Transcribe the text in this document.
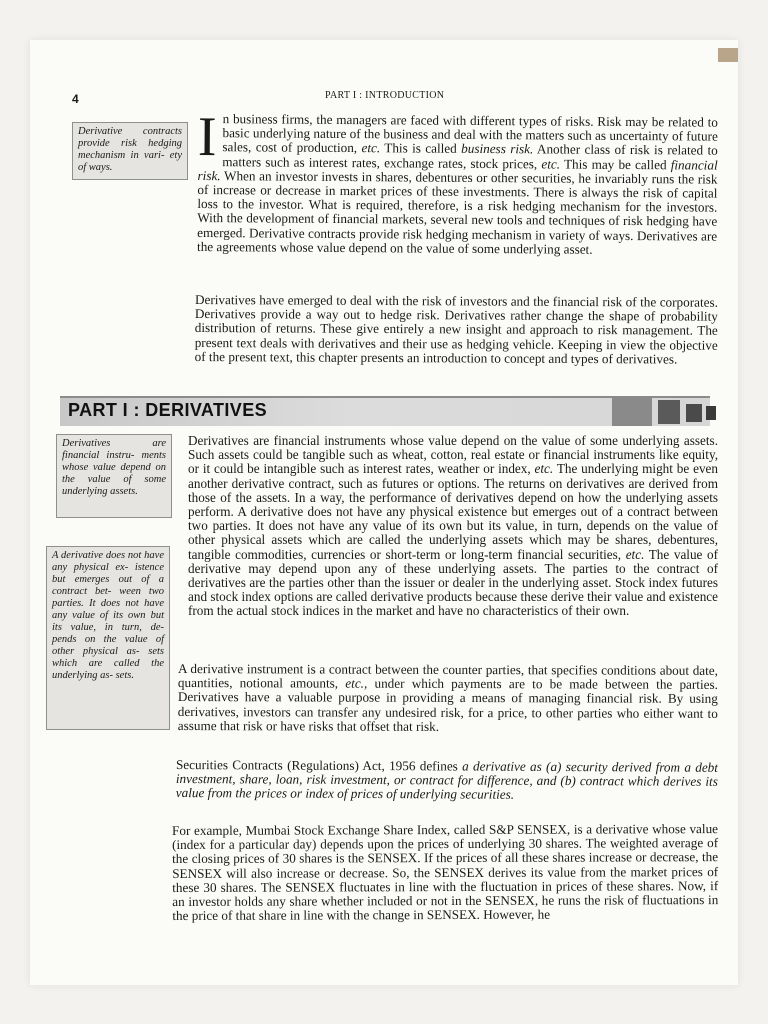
4	PART I : INTRODUCTION
Derivative contracts provide risk hedging mechanism in vari- ety of ways.	In business firms, the managers are faced with different types of risks. Risk may be related to basic underlying nature of the business and deal with the matters such as uncertainty of future sales, cost of production, etc. This is called business risk. Another class of risk is related to matters such as interest rates, exchange rates, stock prices, etc. This may be called financial risk. When an investor invests in shares, debentures or other securities, he invariably runs the risk of increase or decrease in market prices of these investments. There is always the risk of capital loss to the investor. What is required, therefore, is a risk hedging mechanism for the investors. With the development of financial markets, several new tools and techniques of risk hedging have emerged. Derivative contracts provide risk hedging mechanism in variety of ways. Derivatives are the agreements whose value depend on the value of some underlying asset.

Derivatives have emerged to deal with the risk of investors and the financial risk of the corporates. Derivatives provide a way out to hedge risk. Derivatives rather change the shape of probability distribution of returns. These give entirely a new insight and approach to risk management. The present text deals with derivatives and their use as hedging vehicle. Keeping in view the objective of the present text, this chapter presents an introduction to concept and types of derivatives.

PART I : DERIVATIVES
Derivatives are financial instru- ments whose value depend on the value of some underlying assets.
A derivative does not have any physical ex- istence but emerges out of a contract bet- ween two parties. It does not have any value of its own but its value, in turn, de- pends on the value of other physical as- sets which are called the underlying as- sets.

Derivatives are financial instruments whose value depend on the value of some underlying assets. Such assets could be tangible such as wheat, cotton, real estate or financial instruments like equity, or it could be intangible such as interest rates, weather or index, etc. The underlying might be even another derivative contract, such as futures or options. The returns on derivatives are derived from those of the assets. In a way, the performance of derivatives depend on how the underlying assets perform. A derivative does not have any physical existence but emerges out of a contract between two parties. It does not have any value of its own but its value, in turn, depends on the value of other physical assets which are called the underlying assets which may be shares, debentures, tangible commodities, currencies or short-term or long-term financial securities, etc. The value of derivative may depend upon any of these underlying assets. The parties to the contract of derivatives are the parties other than the issuer or dealer in the underlying asset. Stock index futures and stock index options are called derivative products because these derive their value and existence from the actual stock indices in the market and have no characteristics of their own.

A derivative instrument is a contract between the counter parties, that specifies conditions about date, quantities, notional amounts, etc., under which payments are to be made between the parties. Derivatives have a valuable purpose in providing a means of managing financial risk. By using derivatives, investors can transfer any undesired risk, for a price, to other parties who either want to assume that risk or have risks that offset that risk.

Securities Contracts (Regulations) Act, 1956 defines a derivative as (a) security derived from a debt investment, share, loan, risk investment, or contract for difference, and (b) contract which derives its value from the prices or index of prices of underlying securities.

For example, Mumbai Stock Exchange Share Index, called S&P SENSEX, is a derivative whose value (index for a particular day) depends upon the prices of underlying 30 shares. The weighted average of the closing prices of 30 shares is the SENSEX. If the prices of all these shares increase or decrease, the SENSEX will also increase or decrease. So, the SENSEX derives its value from the market prices of these 30 shares. The SENSEX fluctuates in line with the fluctuation in prices of these shares. Now, if an investor holds any share whether included or not in the SENSEX, he runs the risk of fluctuations in the price of that share in line with the change in SENSEX. However, he
